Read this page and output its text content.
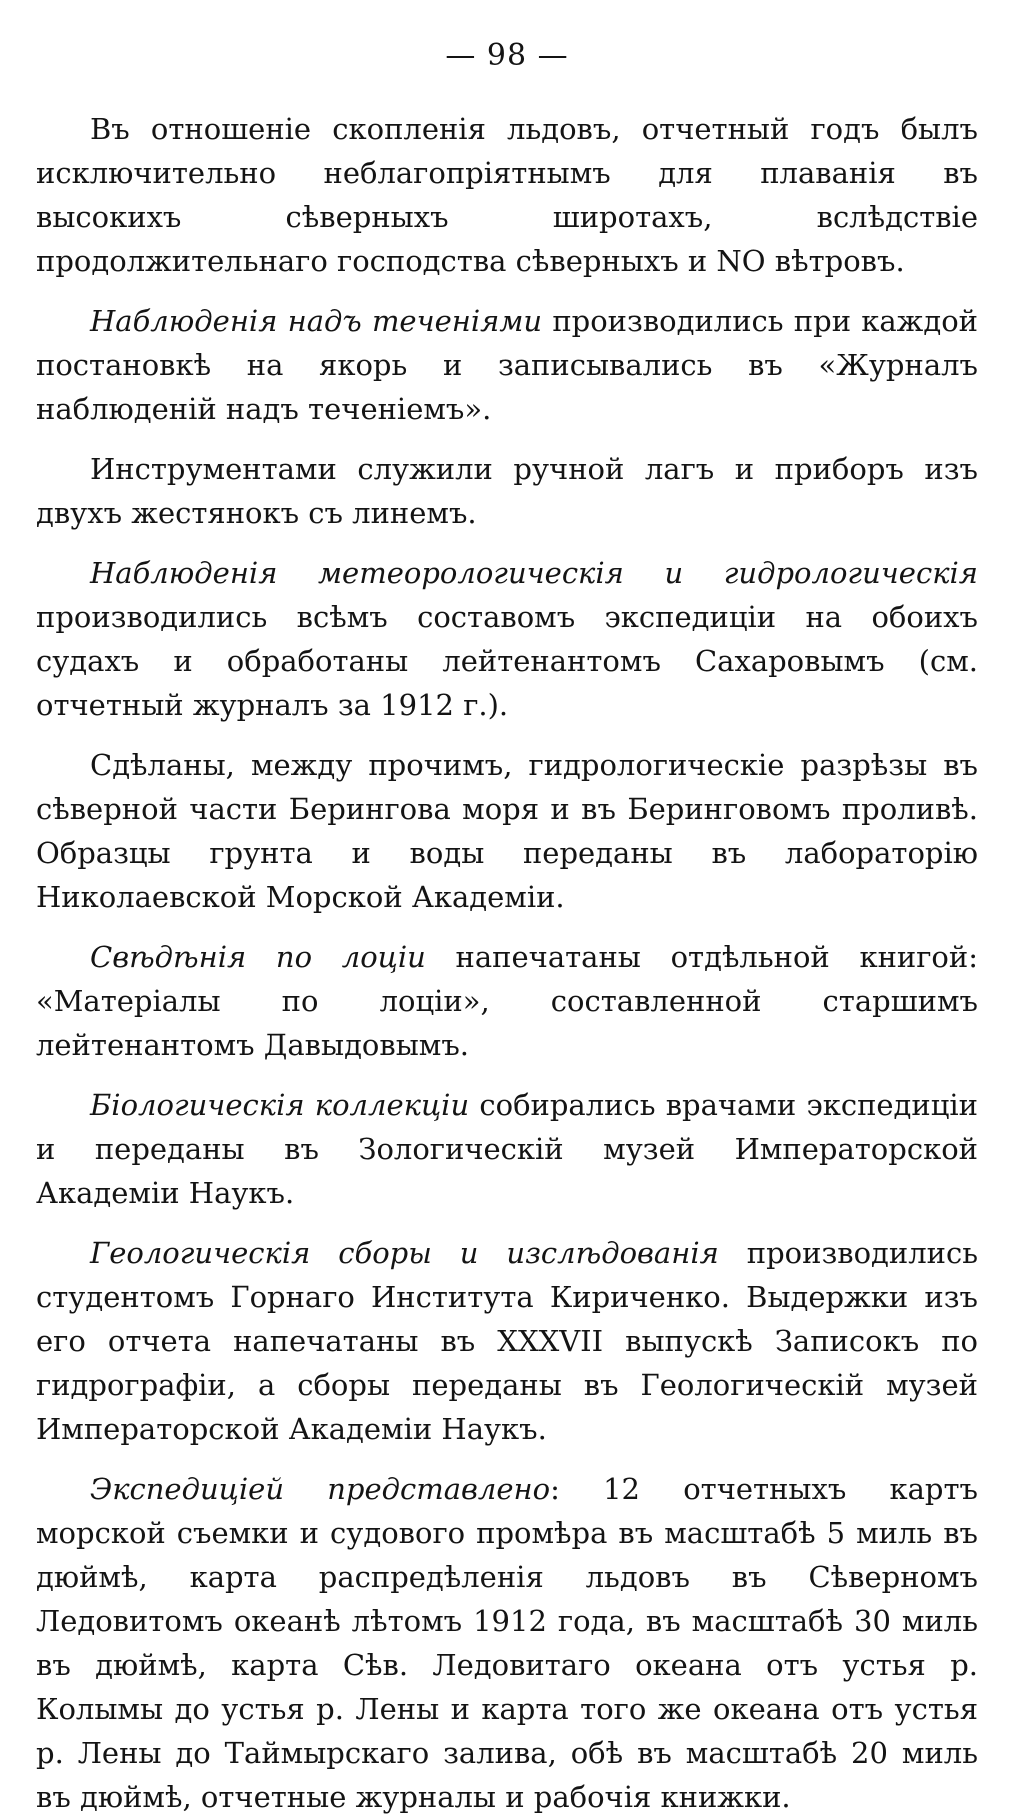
— 98 —

Въ отношеніе скопленія льдовъ, отчетный годъ былъ исключительно неблагопріятнымъ для плаванія въ высокихъ сѣверныхъ широтахъ, вслѣдствіе продолжительнаго господства сѣверныхъ и NO вѣтровъ.

Наблюденія надъ теченіями производились при каждой постановкѣ на якорь и записывались въ «Журналъ наблюденій надъ теченіемъ».

Инструментами служили ручной лагъ и приборъ изъ двухъ жестянокъ съ линемъ.

Наблюденія метеорологическія и гидрологическія производились всѣмъ составомъ экспедиціи на обоихъ судахъ и обработаны лейтенантомъ Сахаровымъ (см. отчетный журналъ за 1912 г.).

Сдѣланы, между прочимъ, гидрологическіе разрѣзы въ сѣверной части Берингова моря и въ Беринговомъ проливѣ. Образцы грунта и воды переданы въ лабораторію Николаевской Морской Академіи.

Свѣдѣнія по лоціи напечатаны отдѣльной книгой: «Матеріалы по лоціи», составленной старшимъ лейтенантомъ Давыдовымъ.

Біологическія коллекціи собирались врачами экспедиціи и переданы въ Зологическій музей Императорской Академіи Наукъ.

Геологическія сборы и изслѣдованія производились студентомъ Горнаго Института Кириченко. Выдержки изъ его отчета напечатаны въ XXXVII выпускѣ Записокъ по гидрографіи, а сборы переданы въ Геологическій музей Императорской Академіи Наукъ.

Экспедиціей представлено: 12 отчетныхъ картъ морской съемки и судового промѣра въ масштабѣ 5 миль въ дюймѣ, карта распредѣленія льдовъ въ Сѣверномъ Ледовитомъ океанѣ лѣтомъ 1912 года, въ масштабѣ 30 миль въ дюймѣ, карта Сѣв. Ледовитаго океана отъ устья р. Колымы до устья р. Лены и карта того же океана отъ устья р. Лены до Таймырскаго залива, обѣ въ масштабѣ 20 миль въ дюймѣ, отчетные журналы и рабочія книжки.
